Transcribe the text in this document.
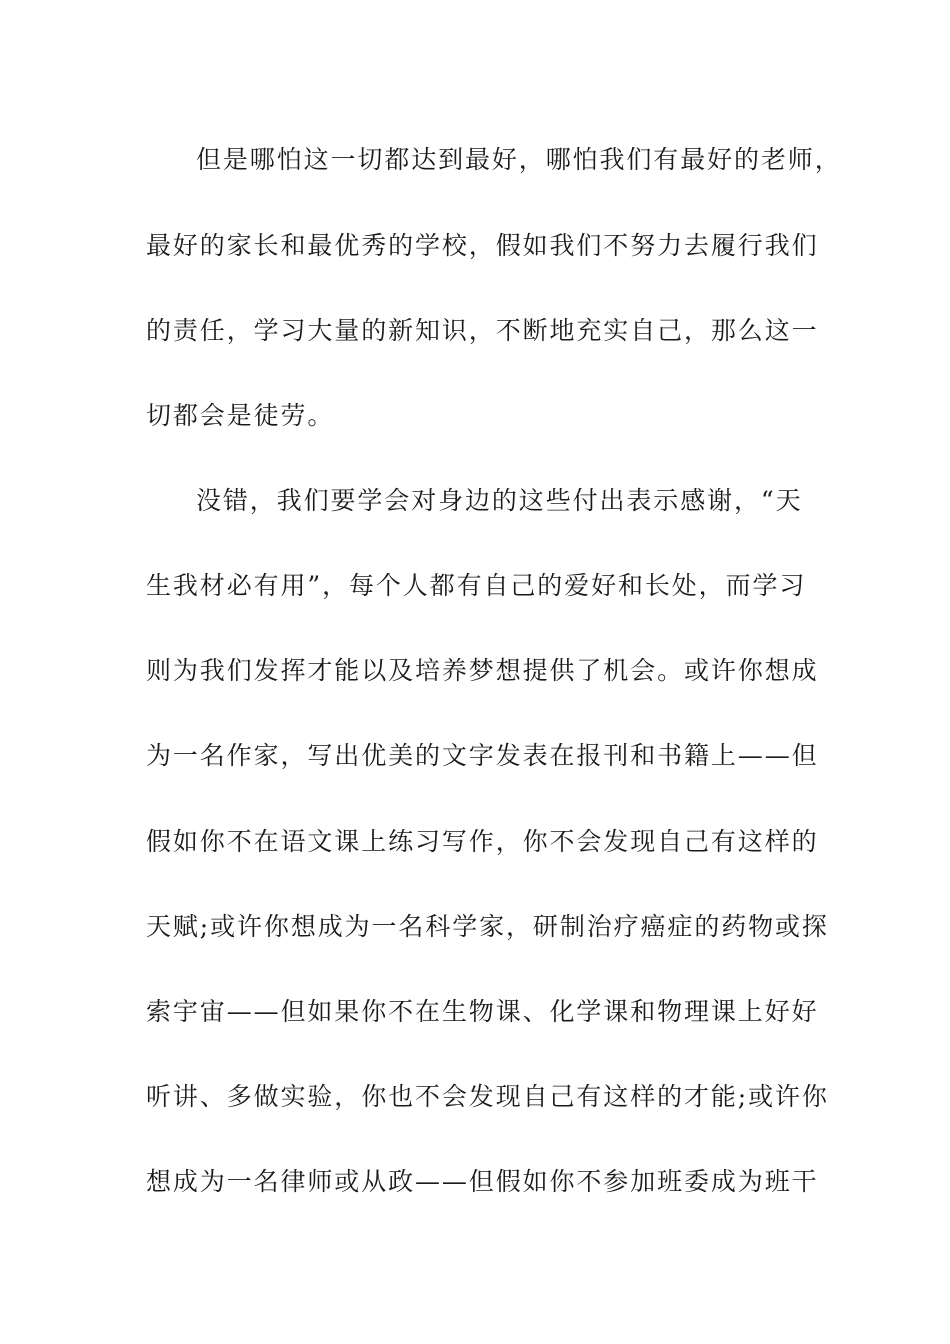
但是哪怕这一切都达到最好，哪怕我们有最好的老师，
最好的家长和最优秀的学校，假如我们不努力去履行我们
的责任，学习大量的新知识，不断地充实自己，那么这一
切都会是徒劳。
没错，我们要学会对身边的这些付出表示感谢，“天
生我材必有用”，每个人都有自己的爱好和长处，而学习
则为我们发挥才能以及培养梦想提供了机会。或许你想成
为一名作家，写出优美的文字发表在报刊和书籍上——但
假如你不在语文课上练习写作，你不会发现自己有这样的
天赋;或许你想成为一名科学家，研制治疗癌症的药物或探
索宇宙——但如果你不在生物课、化学课和物理课上好好
听讲、多做实验，你也不会发现自己有这样的才能;或许你
想成为一名律师或从政——但假如你不参加班委成为班干
